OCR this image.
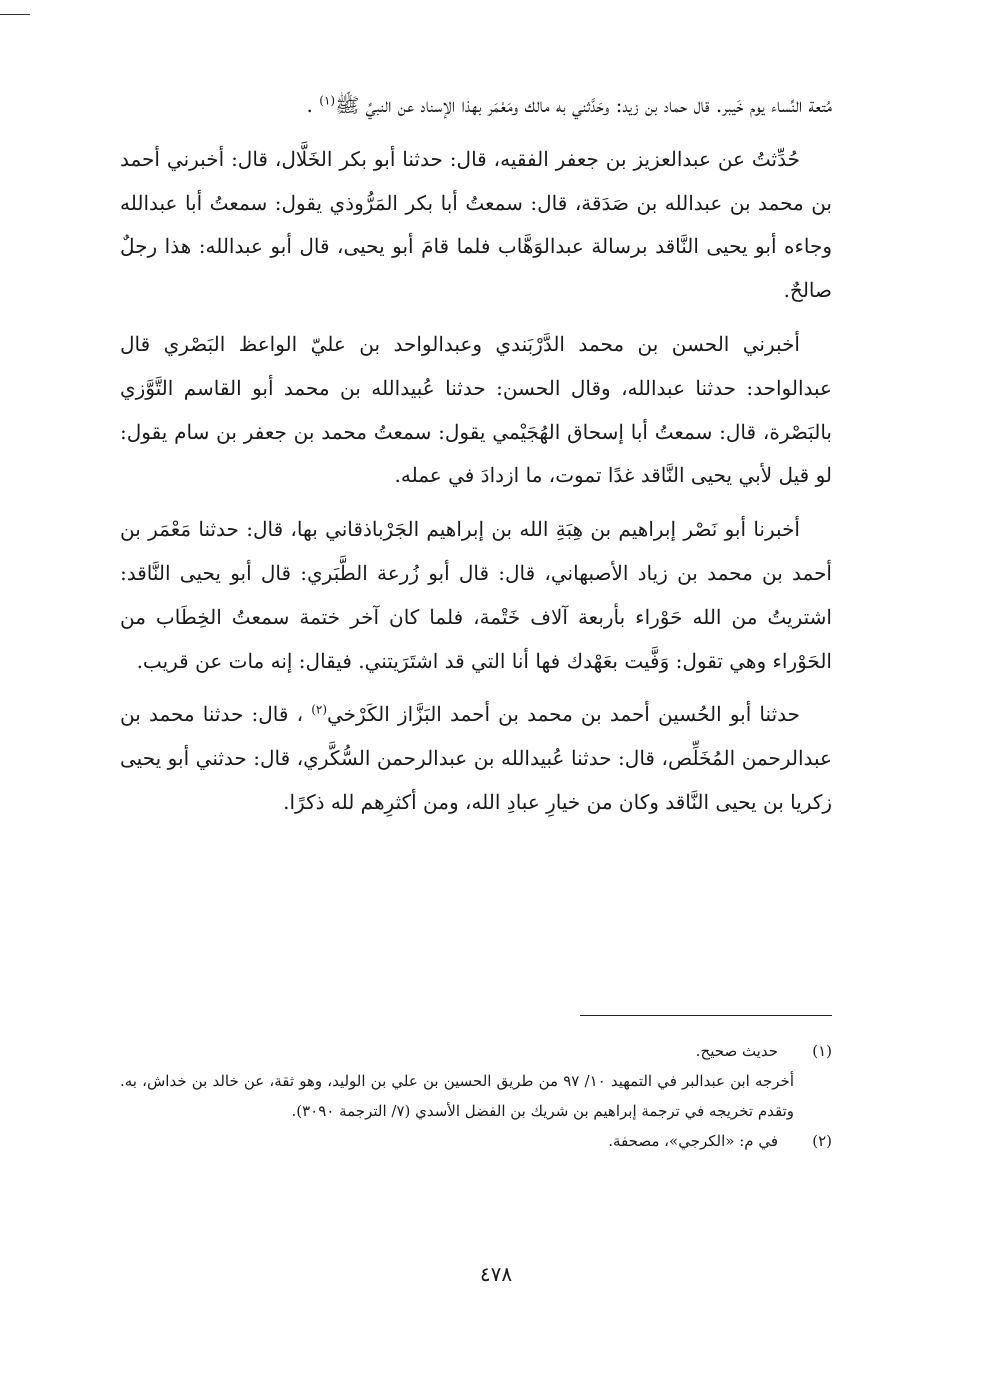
مُتعة النِّساء يوم خَيبر. قال حماد بن زيد: وحَدَّثني به مالك ومَعْمَر بهذا الإسناد عن النبيِّ ﷺ$^{(١)}$ .

حُدِّثتُ عن عبدالعزيز بن جعفر الفقيه، قال: حدثنا أبو بكر الخَلَّال، قال: أخبرني أحمد بن محمد بن عبدالله بن صَدَقة، قال: سمعتُ أبا بكر المَرُّوذي يقول: سمعتُ أبا عبدالله وجاءه أبو يحيى النَّاقد برسالة عبدالوَهَّاب فلما قامَ أبو يحيى، قال أبو عبدالله: هذا رجلٌ صالحٌ.

أخبرني الحسن بن محمد الدَّرْبَندي وعبدالواحد بن عليّ الواعظ البَصْري قال عبدالواحد: حدثنا عبدالله، وقال الحسن: حدثنا عُبيدالله بن محمد أبو القاسم التَّوَّزي بالبَصْرة، قال: سمعتُ أبا إسحاق الهُجَيْمي يقول: سمعتُ محمد بن جعفر بن سام يقول: لو قيل لأبي يحيى النَّاقد غدًا تموت، ما ازدادَ في عمله.

أخبرنا أبو نَصْر إبراهيم بن هِبَةِ الله بن إبراهيم الجَرْباذقاني بها، قال: حدثنا مَعْمَر بن أحمد بن محمد بن زياد الأصبهاني، قال: قال أبو زُرعة الطَّبَري: قال أبو يحيى النَّاقد: اشتريتُ من الله حَوْراء بأربعة آلاف خَتْمة، فلما كان آخر ختمة سمعتُ الخِطَاب من الحَوْراء وهي تقول: وَفَّيت بعَهْدك فها أنا التي قد اشتَرَيتني. فيقال: إنه مات عن قريب.

حدثنا أبو الحُسين أحمد بن محمد بن أحمد البَزَّاز الكَرْخي$^{(٢)}$ ، قال: حدثنا محمد بن عبدالرحمن المُخَلِّص، قال: حدثنا عُبيدالله بن عبدالرحمن السُّكَّري، قال: حدثني أبو يحيى زكريا بن يحيى النَّاقد وكان من خيارِ عبادِ الله، ومن أكثرِهم لله ذكرًا.

(١)حديث صحيح.

أخرجه ابن عبدالبر في التمهيد ١٠/ ٩٧ من طريق الحسين بن علي بن الوليد، وهو ثقة، عن خالد بن خداش، به. وتقدم تخريجه في ترجمة إبراهيم بن شريك بن الفضل الأسدي (٧/ الترجمة ٣٠٩٠).

(٢)في م: «الكرجي»، مصحفة.

٤٧٨
